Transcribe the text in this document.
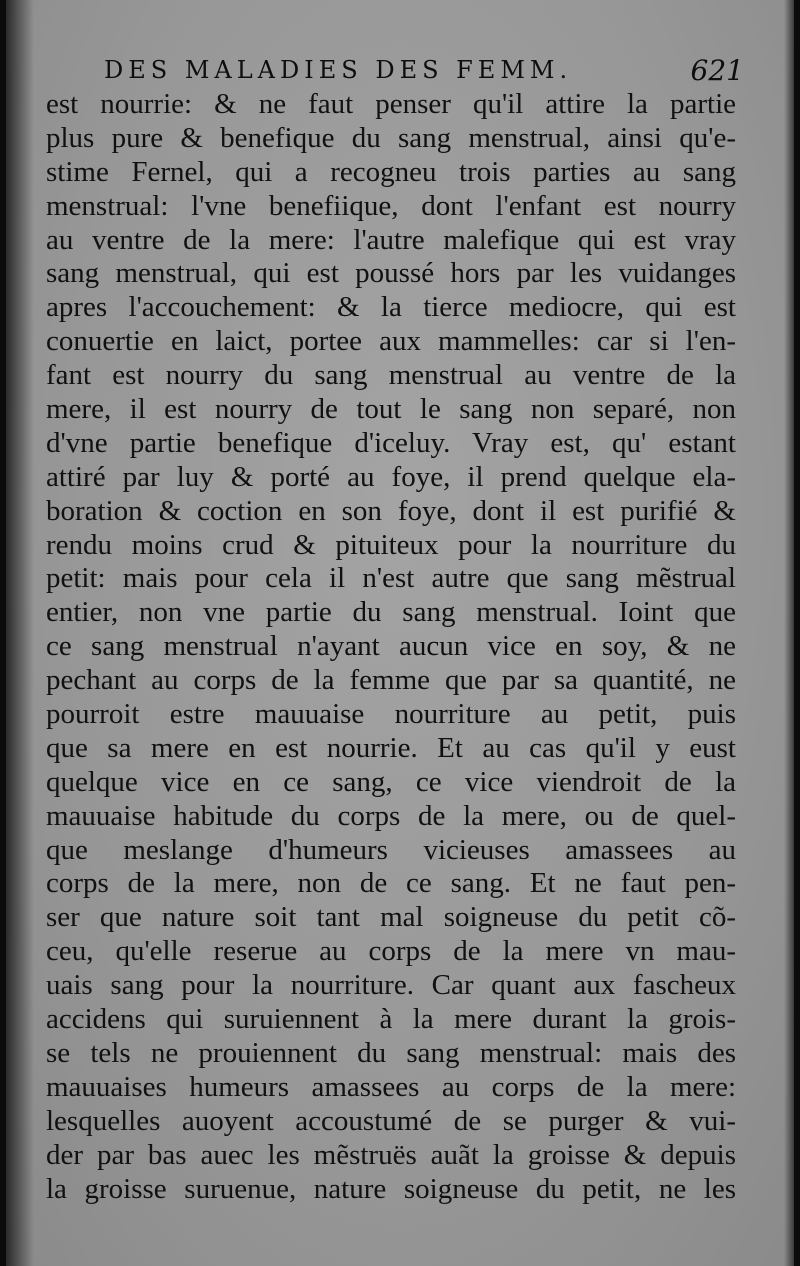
DES MALADIES DES FEMM.	621
est nourrie: & ne faut penser qu'il attire la partie
plus pure & benefique du sang menstrual, ainsi qu'e-
stime Fernel, qui a recogneu trois parties au sang
menstrual: l'vne benefiique, dont l'enfant est nourry
au ventre de la mere: l'autre malefique qui est vray
sang menstrual, qui est poussé hors par les vuidanges
apres l'accouchement: & la tierce mediocre, qui est
conuertie en laict, portee aux mammelles: car si l'en-
fant est nourry du sang menstrual au ventre de la
mere, il est nourry de tout le sang non separé, non
d'vne partie benefique d'iceluy. Vray est, qu' estant
attiré par luy & porté au foye, il prend quelque ela-
boration & coction en son foye, dont il est purifié &
rendu moins crud & pituiteux pour la nourriture du
petit: mais pour cela il n'est autre que sang mẽstrual
entier, non vne partie du sang menstrual. Ioint que
ce sang menstrual n'ayant aucun vice en soy, & ne
pechant au corps de la femme que par sa quantité, ne
pourroit estre mauuaise nourriture au petit, puis
que sa mere en est nourrie. Et au cas qu'il y eust
quelque vice en ce sang, ce vice viendroit de la
mauuaise habitude du corps de la mere, ou de quel-
que meslange d'humeurs vicieuses amassees au
corps de la mere, non de ce sang. Et ne faut pen-
ser que nature soit tant mal soigneuse du petit cõ-
ceu, qu'elle reserue au corps de la mere vn mau-
uais sang pour la nourriture. Car quant aux fascheux
accidens qui suruiennent à la mere durant la grois-
se tels ne prouiennent du sang menstrual: mais des
mauuaises humeurs amassees au corps de la mere:
lesquelles auoyent accoustumé de se purger & vui-
der par bas auec les mẽstruës auãt la groisse & depuis
la groisse suruenue, nature soigneuse du petit, ne les
